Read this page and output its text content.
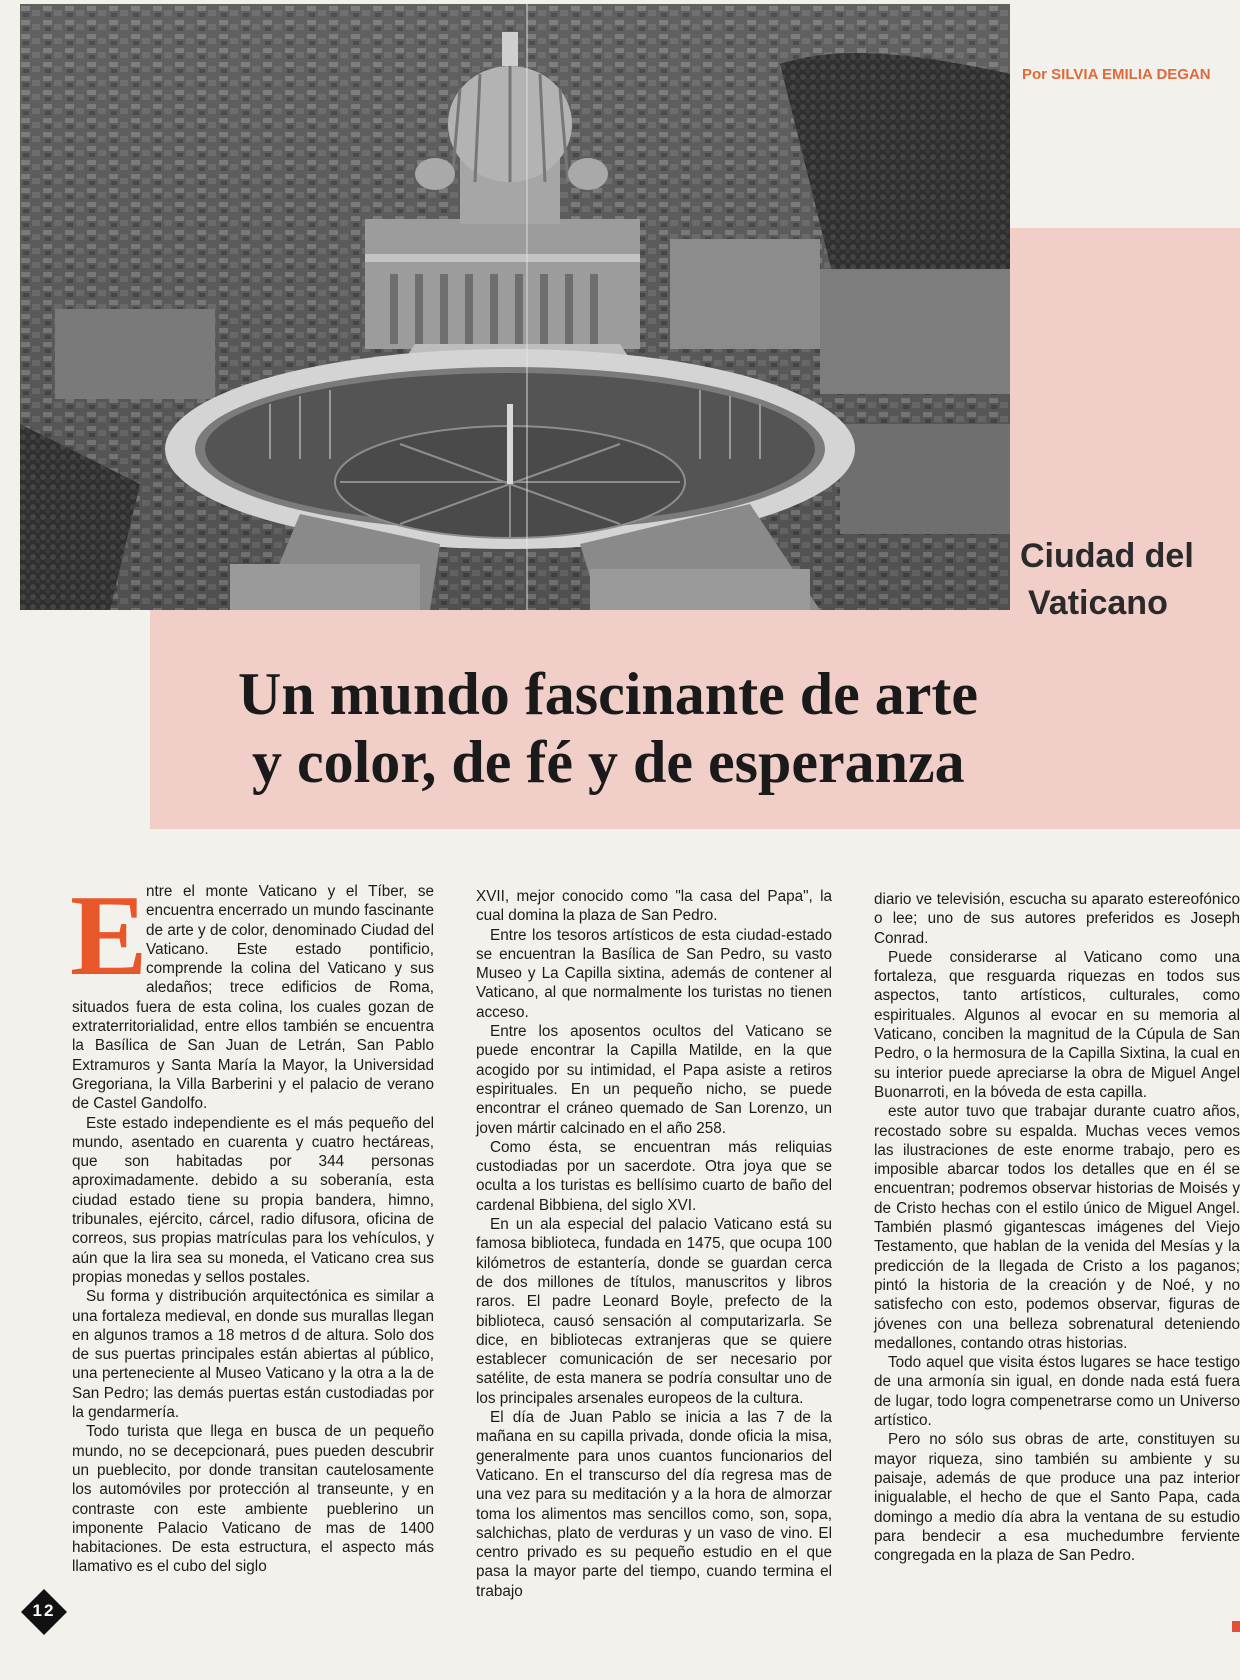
Por SILVIA EMILIA DEGAN
Ciudad del
Vaticano
Un mundo fascinante de arte
y color, de fé y de esperanza
E

ntre el monte Vaticano y el Tíber, se encuentra encerrado un mundo fascinante de arte y de color, denominado Ciudad del Vaticano. Este estado pontificio, comprende la colina del Vaticano y sus aledaños; trece edificios de Roma, situados fuera de esta colina, los cuales gozan de extraterritorialidad, entre ellos también se encuentra la Basílica de San Juan de Letrán, San Pablo Extramuros y Santa María la Mayor, la Universidad Gregoriana, la Villa Barberini y el palacio de verano de Castel Gandolfo.

Este estado independiente es el más pequeño del mundo, asentado en cuarenta y cuatro hectáreas, que son habitadas por 344 personas aproximadamente. debido a su soberanía, esta ciudad estado tiene su propia bandera, himno, tribunales, ejército, cárcel, radio difusora, oficina de correos, sus propias matrículas para los vehículos, y aún que la lira sea su moneda, el Vaticano crea sus propias monedas y sellos postales.

Su forma y distribución arquitectónica es similar a una fortaleza medieval, en donde sus murallas llegan en algunos tramos a 18 metros d de altura. Solo dos de sus puertas principales están abiertas al público, una perteneciente al Museo Vaticano y la otra a la de San Pedro; las demás puertas están custodiadas por la gendarmería.

Todo turista que llega en busca de un pequeño mundo, no se decepcionará, pues pueden descubrir un pueblecito, por donde transitan cautelosamente los automóviles por protección al transeunte, y en contraste con este ambiente pueblerino un imponente Palacio Vaticano de mas de 1400 habitaciones. De esta estructura, el aspecto más llamativo es el cubo del siglo

XVII, mejor conocido como "la casa del Papa", la cual domina la plaza de San Pedro.

Entre los tesoros artísticos de esta ciudad-estado se encuentran la Basílica de San Pedro, su vasto Museo y La Capilla sixtina, además de contener al Vaticano, al que normalmente los turistas no tienen acceso.

Entre los aposentos ocultos del Vaticano se puede encontrar la Capilla Matilde, en la que acogido por su intimidad, el Papa asiste a retiros espirituales. En un pequeño nicho, se puede encontrar el cráneo quemado de San Lorenzo, un joven mártir calcinado en el año 258.

Como ésta, se encuentran más reliquias custodiadas por un sacerdote. Otra joya que se oculta a los turistas es bellísimo cuarto de baño del cardenal Bibbiena, del siglo XVI.

En un ala especial del palacio Vaticano está su famosa biblioteca, fundada en 1475, que ocupa 100 kilómetros de estantería, donde se guardan cerca de dos millones de títulos, manuscritos y libros raros. El padre Leonard Boyle, prefecto de la biblioteca, causó sensación al computarizarla. Se dice, en bibliotecas extranjeras que se quiere establecer comunicación de ser necesario por satélite, de esta manera se podría consultar uno de los principales arsenales europeos de la cultura.

El día de Juan Pablo se inicia a las 7 de la mañana en su capilla privada, donde oficia la misa, generalmente para unos cuantos funcionarios del Vaticano. En el transcurso del día regresa mas de una vez para su meditación y a la hora de almorzar toma los alimentos mas sencillos como, son, sopa, salchichas, plato de verduras y un vaso de vino. El centro privado es su pequeño estudio en el que pasa la mayor parte del tiempo, cuando termina el trabajo

diario ve televisión, escucha su aparato estereofónico o lee; uno de sus autores preferidos es Joseph Conrad.

Puede considerarse al Vaticano como una fortaleza, que resguarda riquezas en todos sus aspectos, tanto artísticos, culturales, como espirituales. Algunos al evocar en su memoria al Vaticano, conciben la magnitud de la Cúpula de San Pedro, o la hermosura de la Capilla Sixtina, la cual en su interior puede apreciarse la obra de Miguel Angel Buonarroti, en la bóveda de esta capilla.

este autor tuvo que trabajar durante cuatro años, recostado sobre su espalda. Muchas veces vemos las ilustraciones de este enorme trabajo, pero es imposible abarcar todos los detalles que en él se encuentran; podremos observar historias de Moisés y de Cristo hechas con el estilo único de Miguel Angel. También plasmó gigantescas imágenes del Viejo Testamento, que hablan de la venida del Mesías y la predicción de la llegada de Cristo a los paganos; pintó la historia de la creación y de Noé, y no satisfecho con esto, podemos observar, figuras de jóvenes con una belleza sobrenatural deteniendo medallones, contando otras historias.

Todo aquel que visita éstos lugares se hace testigo de una armonía sin igual, en donde nada está fuera de lugar, todo logra compenetrarse como un Universo artístico.

Pero no sólo sus obras de arte, constituyen su mayor riqueza, sino también su ambiente y su paisaje, además de que produce una paz interior inigualable, el hecho de que el Santo Papa, cada domingo a medio día abra la ventana de su estudio para bendecir a esa muchedumbre ferviente congregada en la plaza de San Pedro.

12
